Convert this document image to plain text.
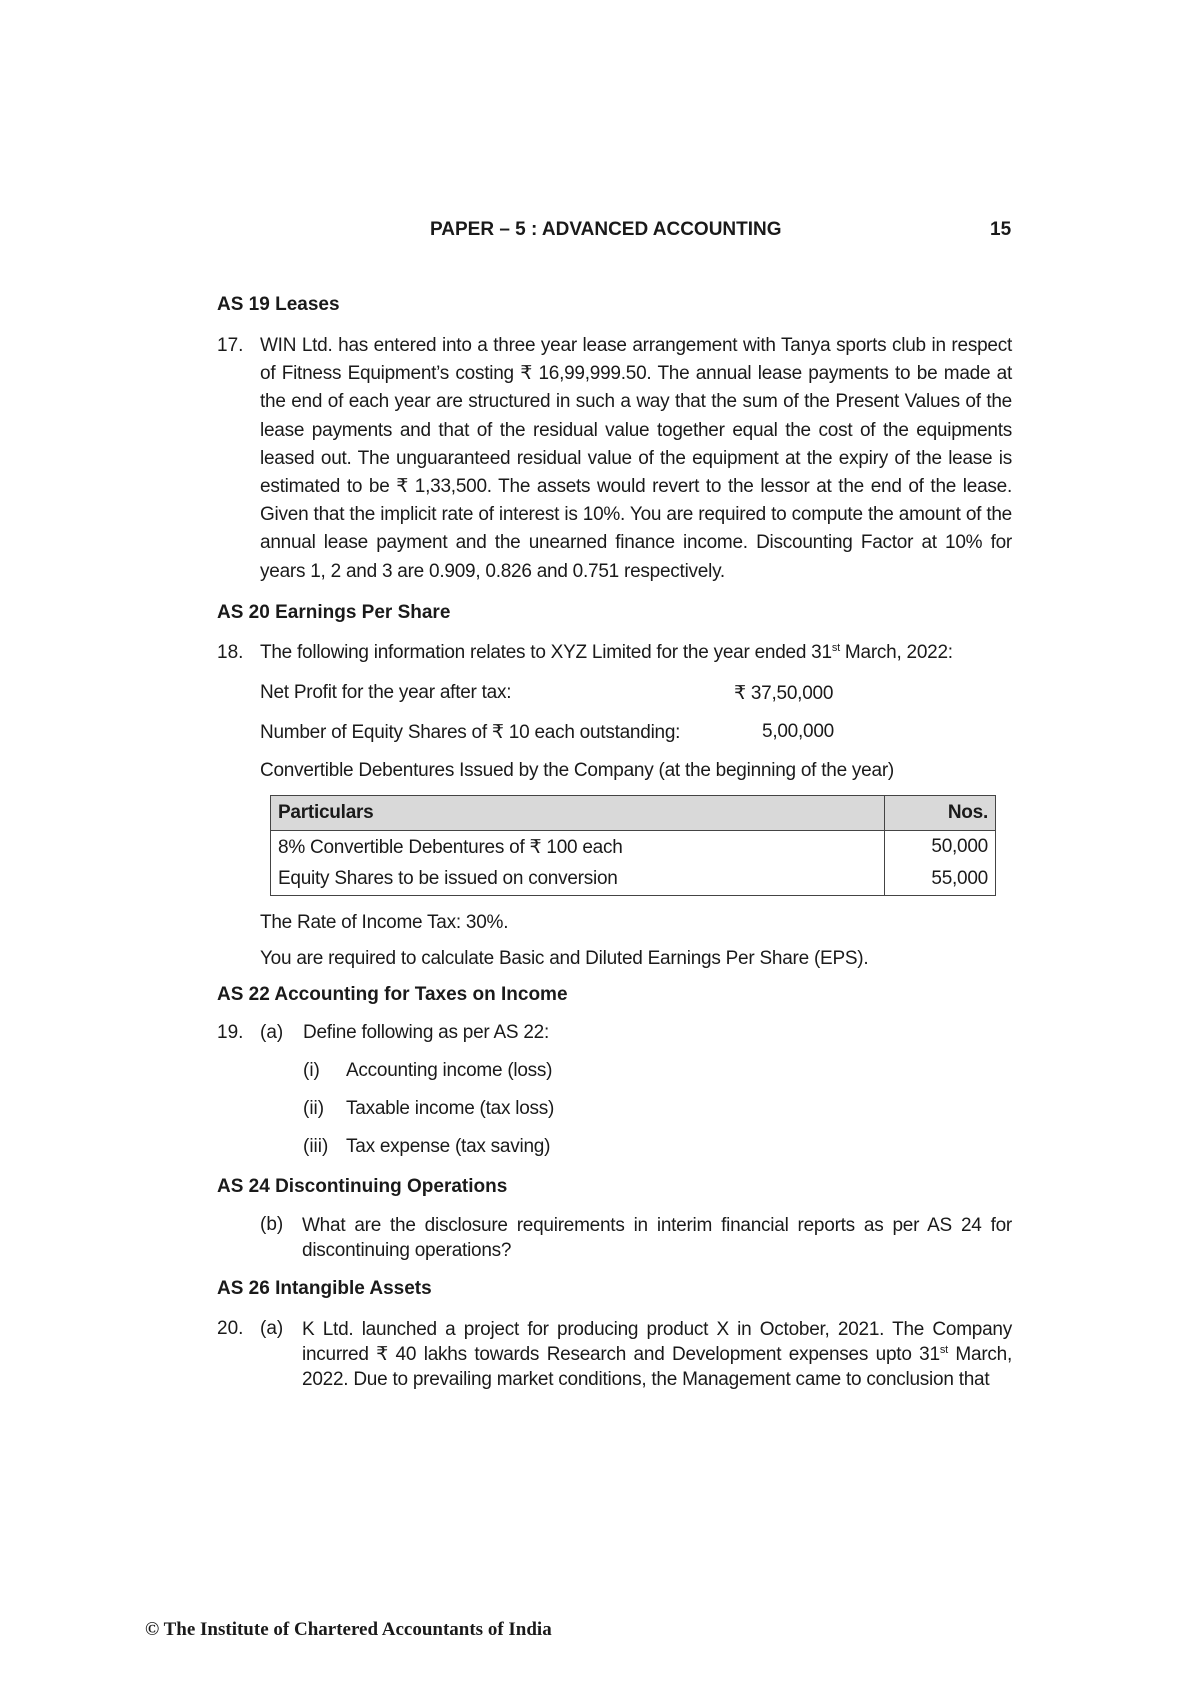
PAPER – 5 : ADVANCED ACCOUNTING	15
AS 19 Leases
17. WIN Ltd. has entered into a three year lease arrangement with Tanya sports club in respect of Fitness Equipment’s costing ₹ 16,99,999.50. The annual lease payments to be made at the end of each year are structured in such a way that the sum of the Present Values of the lease payments and that of the residual value together equal the cost of the equipments leased out. The unguaranteed residual value of the equipment at the expiry of the lease is estimated to be ₹ 1,33,500. The assets would revert to the lessor at the end of the lease. Given that the implicit rate of interest is 10%. You are required to compute the amount of the annual lease payment and the unearned finance income. Discounting Factor at 10% for years 1, 2 and 3 are 0.909, 0.826 and 0.751 respectively.
AS 20 Earnings Per Share
18. The following information relates to XYZ Limited for the year ended 31st March, 2022:
Net Profit for the year after tax:	₹ 37,50,000
Number of Equity Shares of ₹ 10 each outstanding:	5,00,000
Convertible Debentures Issued by the Company (at the beginning of the year)
Particulars	Nos.
8% Convertible Debentures of ₹ 100 each	50,000
Equity Shares to be issued on conversion	55,000
The Rate of Income Tax: 30%.
You are required to calculate Basic and Diluted Earnings Per Share (EPS).
AS 22 Accounting for Taxes on Income
19. (a) Define following as per AS 22:
(i) Accounting income (loss)
(ii) Taxable income (tax loss)
(iii) Tax expense (tax saving)
AS 24 Discontinuing Operations
(b) What are the disclosure requirements in interim financial reports as per AS 24 for discontinuing operations?
AS 26 Intangible Assets
20. (a) K Ltd. launched a project for producing product X in October, 2021. The Company incurred ₹ 40 lakhs towards Research and Development expenses upto 31st March, 2022. Due to prevailing market conditions, the Management came to conclusion that
© The Institute of Chartered Accountants of India
